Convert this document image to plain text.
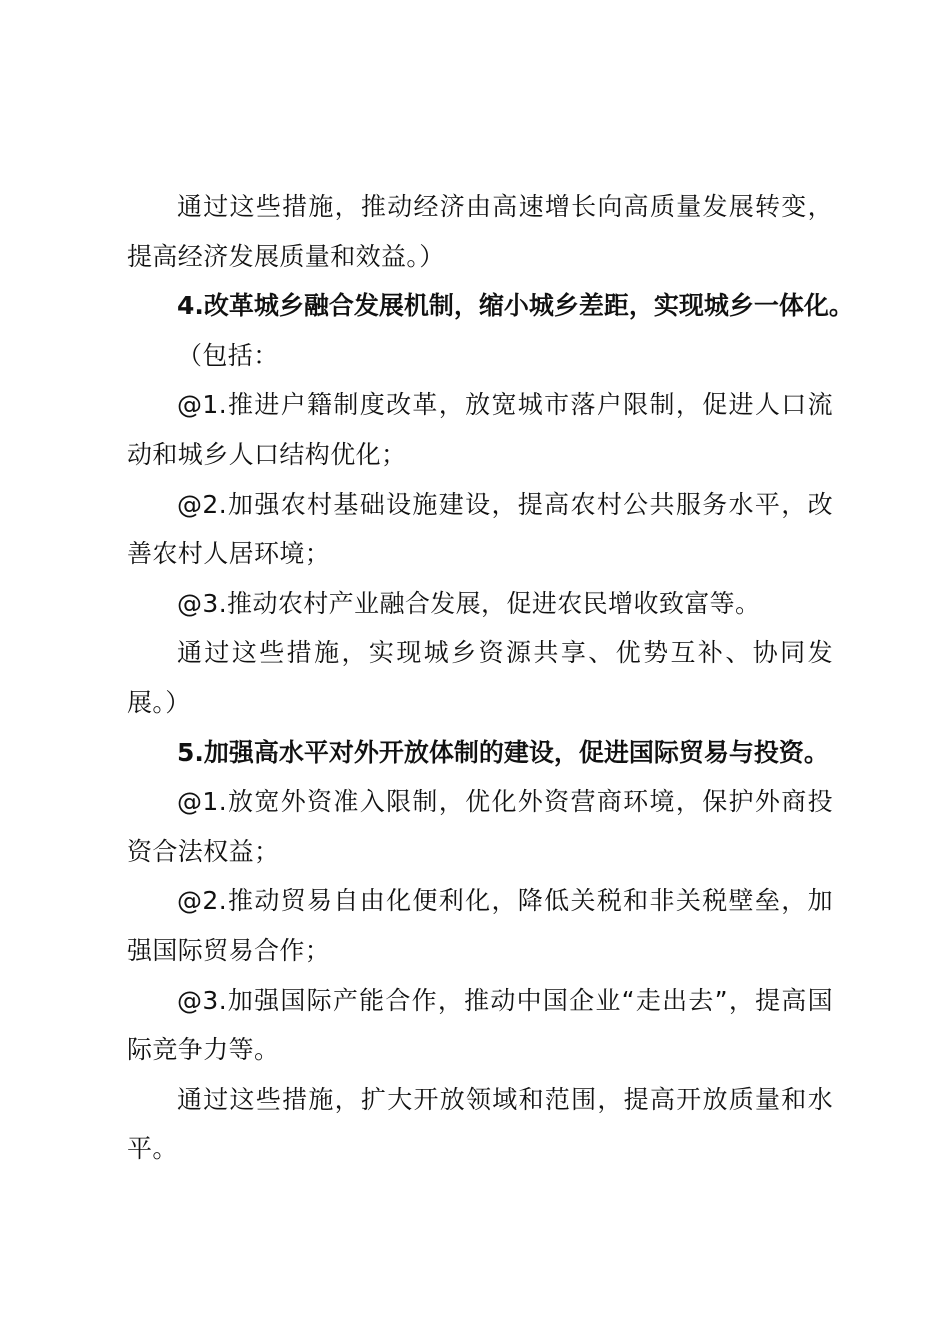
通过这些措施，推动经济由高速增长向高质量发展转变，提高经济发展质量和效益。）

4.改革城乡融合发展机制，缩小城乡差距，实现城乡一体化。

（包括：

@1.推进户籍制度改革，放宽城市落户限制，促进人口流动和城乡人口结构优化；

@2.加强农村基础设施建设，提高农村公共服务水平，改善农村人居环境；

@3.推动农村产业融合发展，促进农民增收致富等。

通过这些措施，实现城乡资源共享、优势互补、协同发展。）

5.加强高水平对外开放体制的建设，促进国际贸易与投资。

@1.放宽外资准入限制，优化外资营商环境，保护外商投资合法权益；

@2.推动贸易自由化便利化，降低关税和非关税壁垒，加强国际贸易合作；

@3.加强国际产能合作，推动中国企业“走出去”，提高国际竞争力等。

通过这些措施，扩大开放领域和范围，提高开放质量和水平。
